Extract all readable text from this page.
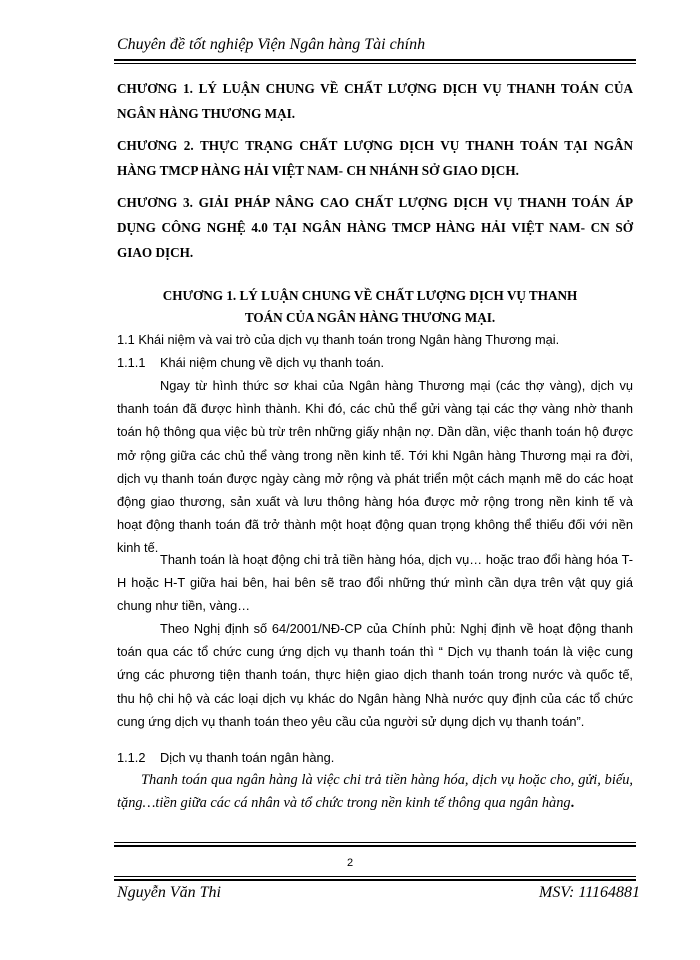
Chuyên đề tốt nghiệp Viện Ngân hàng Tài chính
CHƯƠNG 1. LÝ LUẬN CHUNG VỀ CHẤT LƯỢNG DỊCH VỤ THANH TOÁN CỦA NGÂN HÀNG THƯƠNG MẠI.
CHƯƠNG 2. THỰC TRẠNG CHẤT LƯỢNG DỊCH VỤ THANH TOÁN TẠI NGÂN HÀNG TMCP HÀNG HẢI VIỆT NAM- CH NHÁNH SỞ GIAO DỊCH.
CHƯƠNG 3. GIẢI PHÁP NÂNG CAO CHẤT LƯỢNG DỊCH VỤ THANH TOÁN ÁP DỤNG CÔNG NGHỆ 4.0 TẠI NGÂN HÀNG TMCP HÀNG HẢI VIỆT NAM- CN SỞ GIAO DỊCH.
CHƯƠNG 1. LÝ LUẬN CHUNG VỀ CHẤT LƯỢNG DỊCH VỤ THANH
TOÁN CỦA NGÂN HÀNG THƯƠNG MẠI.
1.1 Khái niệm và vai trò của dịch vụ thanh toán trong Ngân hàng Thương mại.
1.1.1 Khái niệm chung về dịch vụ thanh toán.
Ngay từ hình thức sơ khai của Ngân hàng Thương mại (các thợ vàng), dịch vụ thanh toán đã được hình thành. Khi đó, các chủ thể gửi vàng tại các thợ vàng nhờ thanh toán hộ thông qua việc bù trừ trên những giấy nhận nợ. Dần dần, việc thanh toán hộ được mở rộng giữa các chủ thể vàng trong nền kinh tế. Tới khi Ngân hàng Thương mại ra đời, dịch vụ thanh toán được ngày càng mở rộng và phát triển một cách mạnh mẽ do các hoạt động giao thương, sản xuất và lưu thông hàng hóa được mở rộng trong nền kinh tế và hoạt động thanh toán đã trở thành một hoạt động quan trọng không thể thiếu đối với nền kinh tế.
Thanh toán là hoạt động chi trả tiền hàng hóa, dịch vụ… hoặc trao đổi hàng hóa T-H hoặc H-T giữa hai bên, hai bên sẽ trao đổi những thứ mình cần dựa trên vật quy giá chung như tiền, vàng…
Theo Nghị định số 64/2001/NĐ-CP của Chính phủ: Nghị định về hoạt động thanh toán qua các tổ chức cung ứng dịch vụ thanh toán thì “ Dịch vụ thanh toán là việc cung ứng các phương tiện thanh toán, thực hiện giao dịch thanh toán trong nước và quốc tế, thu hộ chi hộ và các loại dịch vụ khác do Ngân hàng Nhà nước quy định của các tổ chức cung ứng dịch vụ thanh toán theo yêu cầu của người sử dụng dịch vụ thanh toán”.
1.1.2 Dịch vụ thanh toán ngân hàng.
Thanh toán qua ngân hàng là việc chi trả tiền hàng hóa, dịch vụ hoặc cho, gửi, biếu, tặng…tiền giữa các cá nhân và tổ chức trong nền kinh tế thông qua ngân hàng.
2
Nguyễn Văn Thi	MSV: 11164881
